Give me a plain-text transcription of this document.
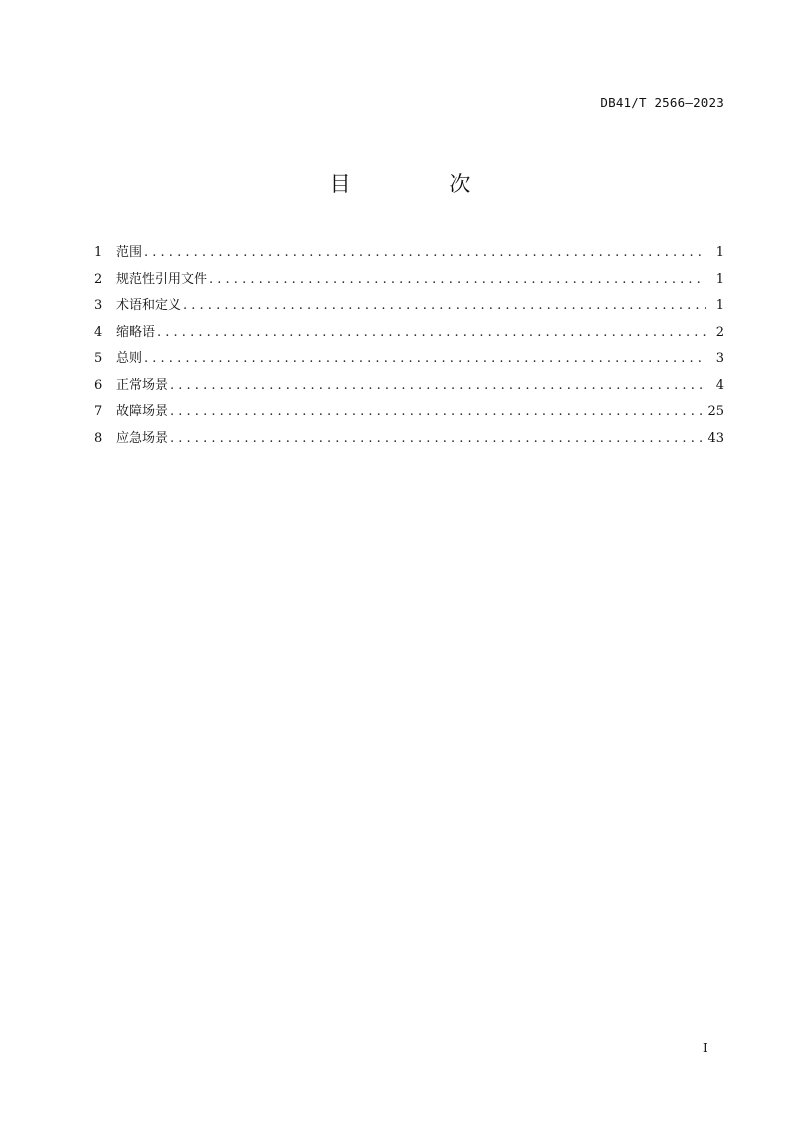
DB41/T 2566—2023
目 次
1	范围 . . .	1
2	规范性引用文件 . . .	1
3	术语和定义 . . .	1
4	缩略语 . . .	2
5	总则 . . .	3
6	正常场景 . . .	4
7	故障场景 . . .	25
8	应急场景 . . .	43
I
